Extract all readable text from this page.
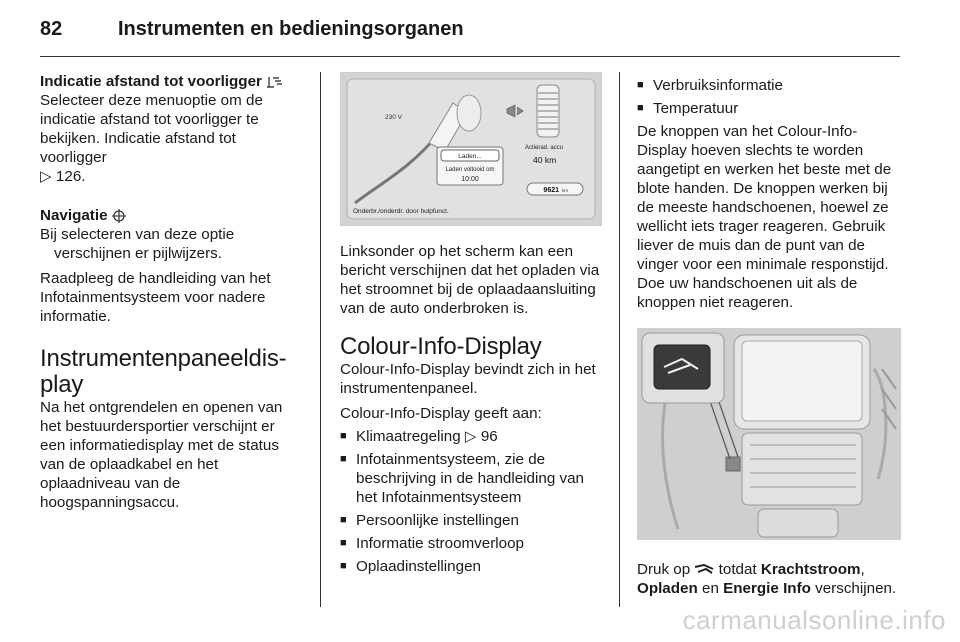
82	Instrumenten en bedieningsorganen

Indicatie afstand tot voorligger

Selecteer deze menuoptie om de indicatie afstand tot voorligger te bekijken. Indicatie afstand tot voorligger
▷ 126.

Navigatie

Bij selecteren van deze optie verschijnen er pijlwijzers.

Raadpleeg de handleiding van het Infotainmentsysteem voor nadere informatie.

Instrumentenpaneeldis-
play

Na het ontgrendelen en openen van het bestuurdersportier verschijnt er een informatiedisplay met de status van de oplaadkabel en het oplaadniveau van de hoogspanningsaccu.

230 V
Laden...
Laden voltooid om
10:00
Actierad. accu
40 km
9621 km
Onderbr./onderdr. door hulpfunct.

Linksonder op het scherm kan een bericht verschijnen dat het opladen via het stroomnet bij de oplaadaansluiting van de auto onderbroken is.

Colour-Info-Display

Colour-Info-Display bevindt zich in het instrumentenpaneel.

Colour-Info-Display geeft aan:

■ Klimaatregeling ▷ 96
■ Infotainmentsysteem, zie de beschrijving in de handleiding van het Infotainmentsysteem
■ Persoonlijke instellingen
■ Informatie stroomverloop
■ Oplaadinstellingen
■ Verbruiksinformatie
■ Temperatuur

De knoppen van het Colour-Info-Display hoeven slechts te worden aangetipt en werken het beste met de blote handen. De knoppen werken bij de meeste handschoenen, hoewel ze wellicht iets trager reageren. Gebruik liever de muis dan de punt van de vinger voor een minimale responstijd. Doe uw handschoenen uit als de knoppen niet reageren.

Druk op totdat Krachtstroom,
Opladen en Energie Info verschijnen.

carmanualsonline.info
